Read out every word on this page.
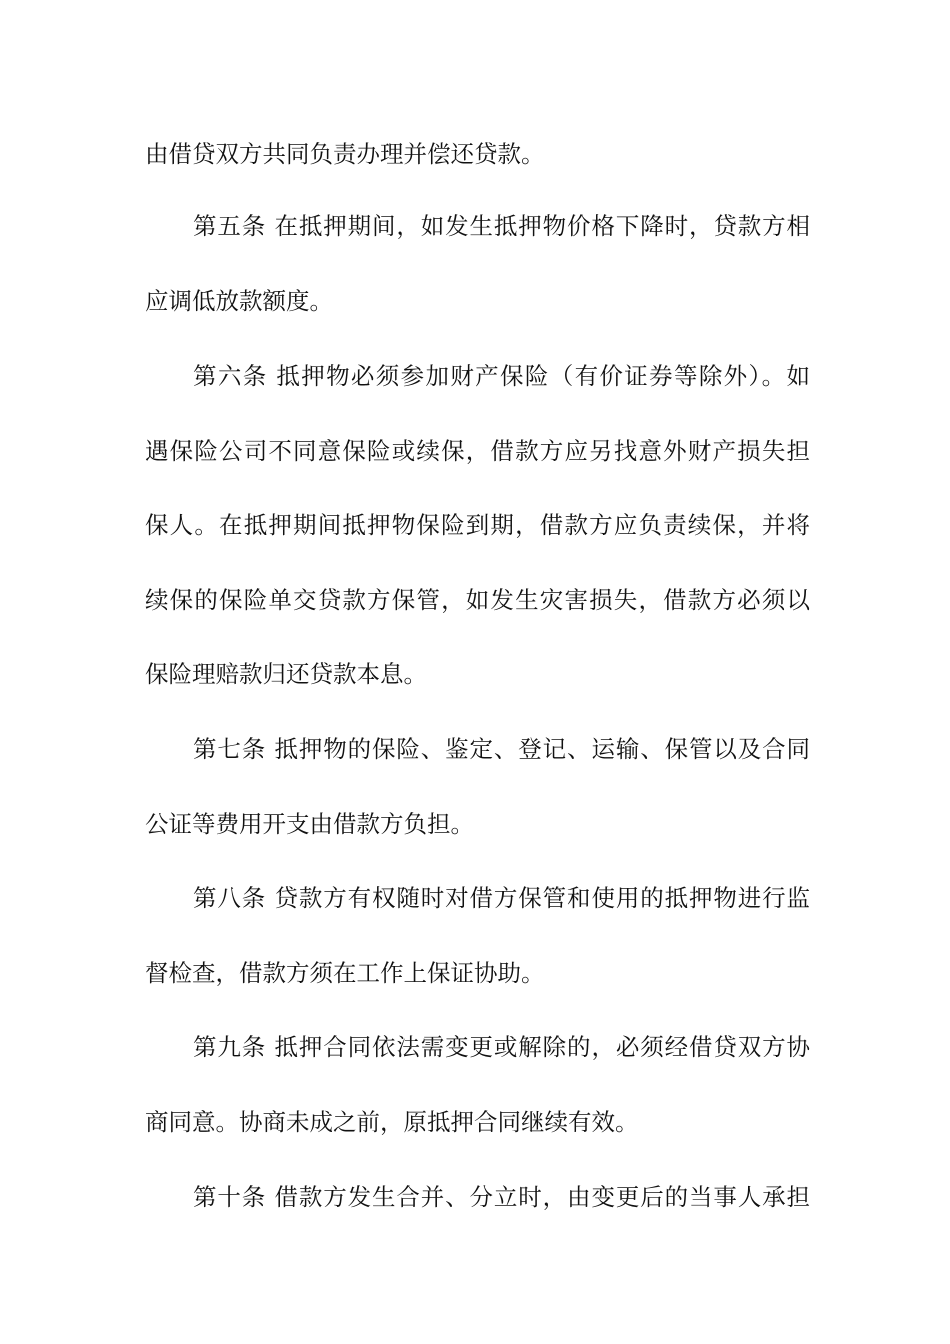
由借贷双方共同负责办理并偿还贷款。
第五条 在抵押期间，如发生抵押物价格下降时，贷款方相
应调低放款额度。
第六条 抵押物必须参加财产保险（有价证券等除外）。如
遇保险公司不同意保险或续保，借款方应另找意外财产损失担
保人。在抵押期间抵押物保险到期，借款方应负责续保，并将
续保的保险单交贷款方保管，如发生灾害损失，借款方必须以
保险理赔款归还贷款本息。
第七条 抵押物的保险、鉴定、登记、运输、保管以及合同
公证等费用开支由借款方负担。
第八条 贷款方有权随时对借方保管和使用的抵押物进行监
督检查，借款方须在工作上保证协助。
第九条 抵押合同依法需变更或解除的，必须经借贷双方协
商同意。协商未成之前，原抵押合同继续有效。
第十条 借款方发生合并、分立时，由变更后的当事人承担
